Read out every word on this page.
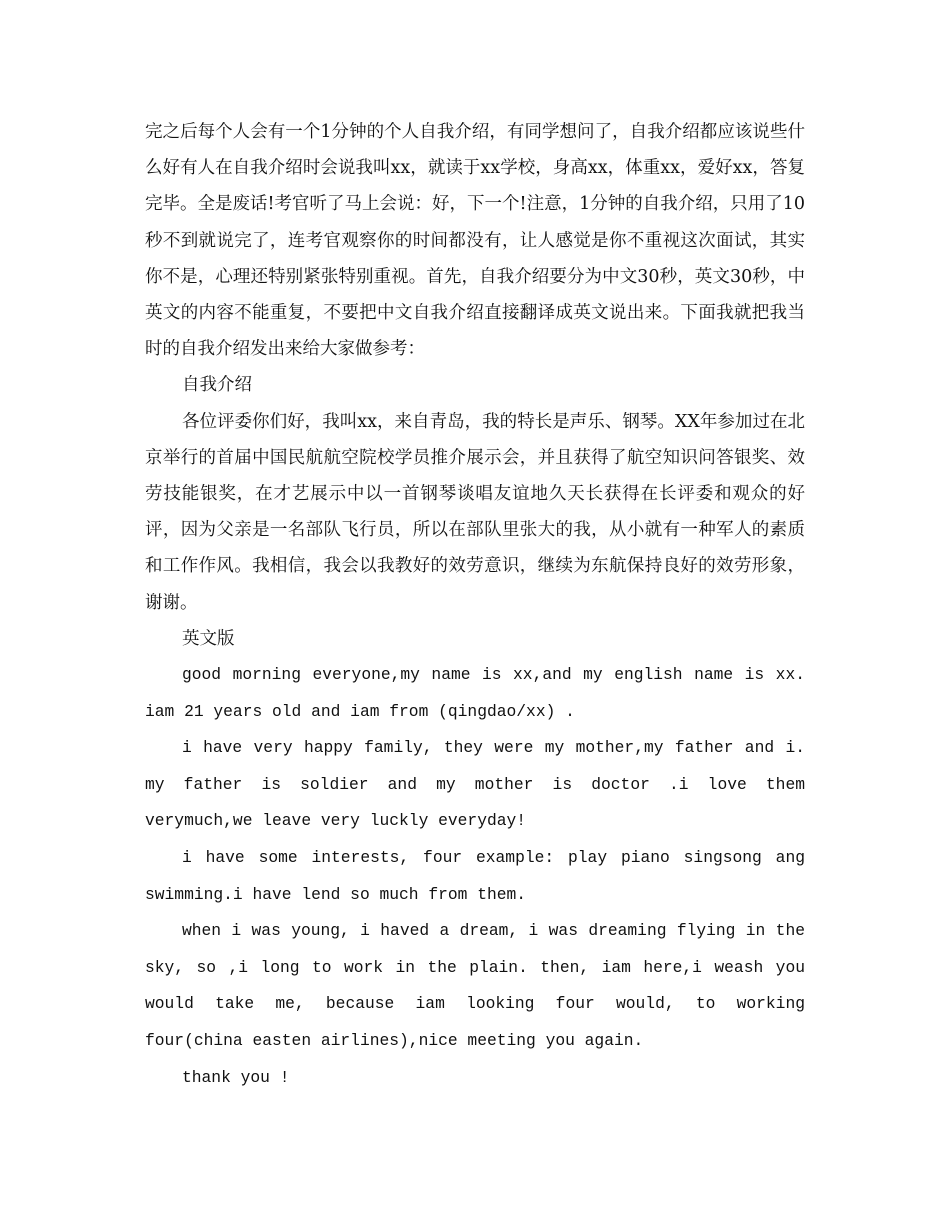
完之后每个人会有一个1分钟的个人自我介绍，有同学想问了，自我介绍都应该说些什么好有人在自我介绍时会说我叫xx，就读于xx学校，身高xx，体重xx，爱好xx，答复完毕。全是废话!考官听了马上会说：好，下一个!注意，1分钟的自我介绍，只用了10秒不到就说完了，连考官观察你的时间都没有，让人感觉是你不重视这次面试，其实你不是，心理还特别紧张特别重视。首先，自我介绍要分为中文30秒，英文30秒，中英文的内容不能重复，不要把中文自我介绍直接翻译成英文说出来。下面我就把我当时的自我介绍发出来给大家做参考：

自我介绍

各位评委你们好，我叫xx，来自青岛，我的特长是声乐、钢琴。XX年参加过在北京举行的首届中国民航航空院校学员推介展示会，并且获得了航空知识问答银奖、效劳技能银奖，在才艺展示中以一首钢琴谈唱友谊地久天长获得在长评委和观众的好评，因为父亲是一名部队飞行员，所以在部队里张大的我，从小就有一种军人的素质和工作作风。我相信，我会以我教好的效劳意识，继续为东航保持良好的效劳形象，谢谢。

英文版

good morning everyone,my name is xx,and my english name is xx. iam 21 years old and iam from (qingdao/xx) .

i have very happy family, they were my mother,my father and i. my father is soldier and my mother is doctor .i love them verymuch,we leave very luckly everyday!

i have some interests, four example: play piano singsong ang swimming.i have lend so much from them.

when i was young, i haved a dream, i was dreaming flying in the sky, so ,i long to work in the plain. then, iam here,i weash you would take me, because iam looking four would, to working four(china easten airlines),nice meeting you again.

thank you !
